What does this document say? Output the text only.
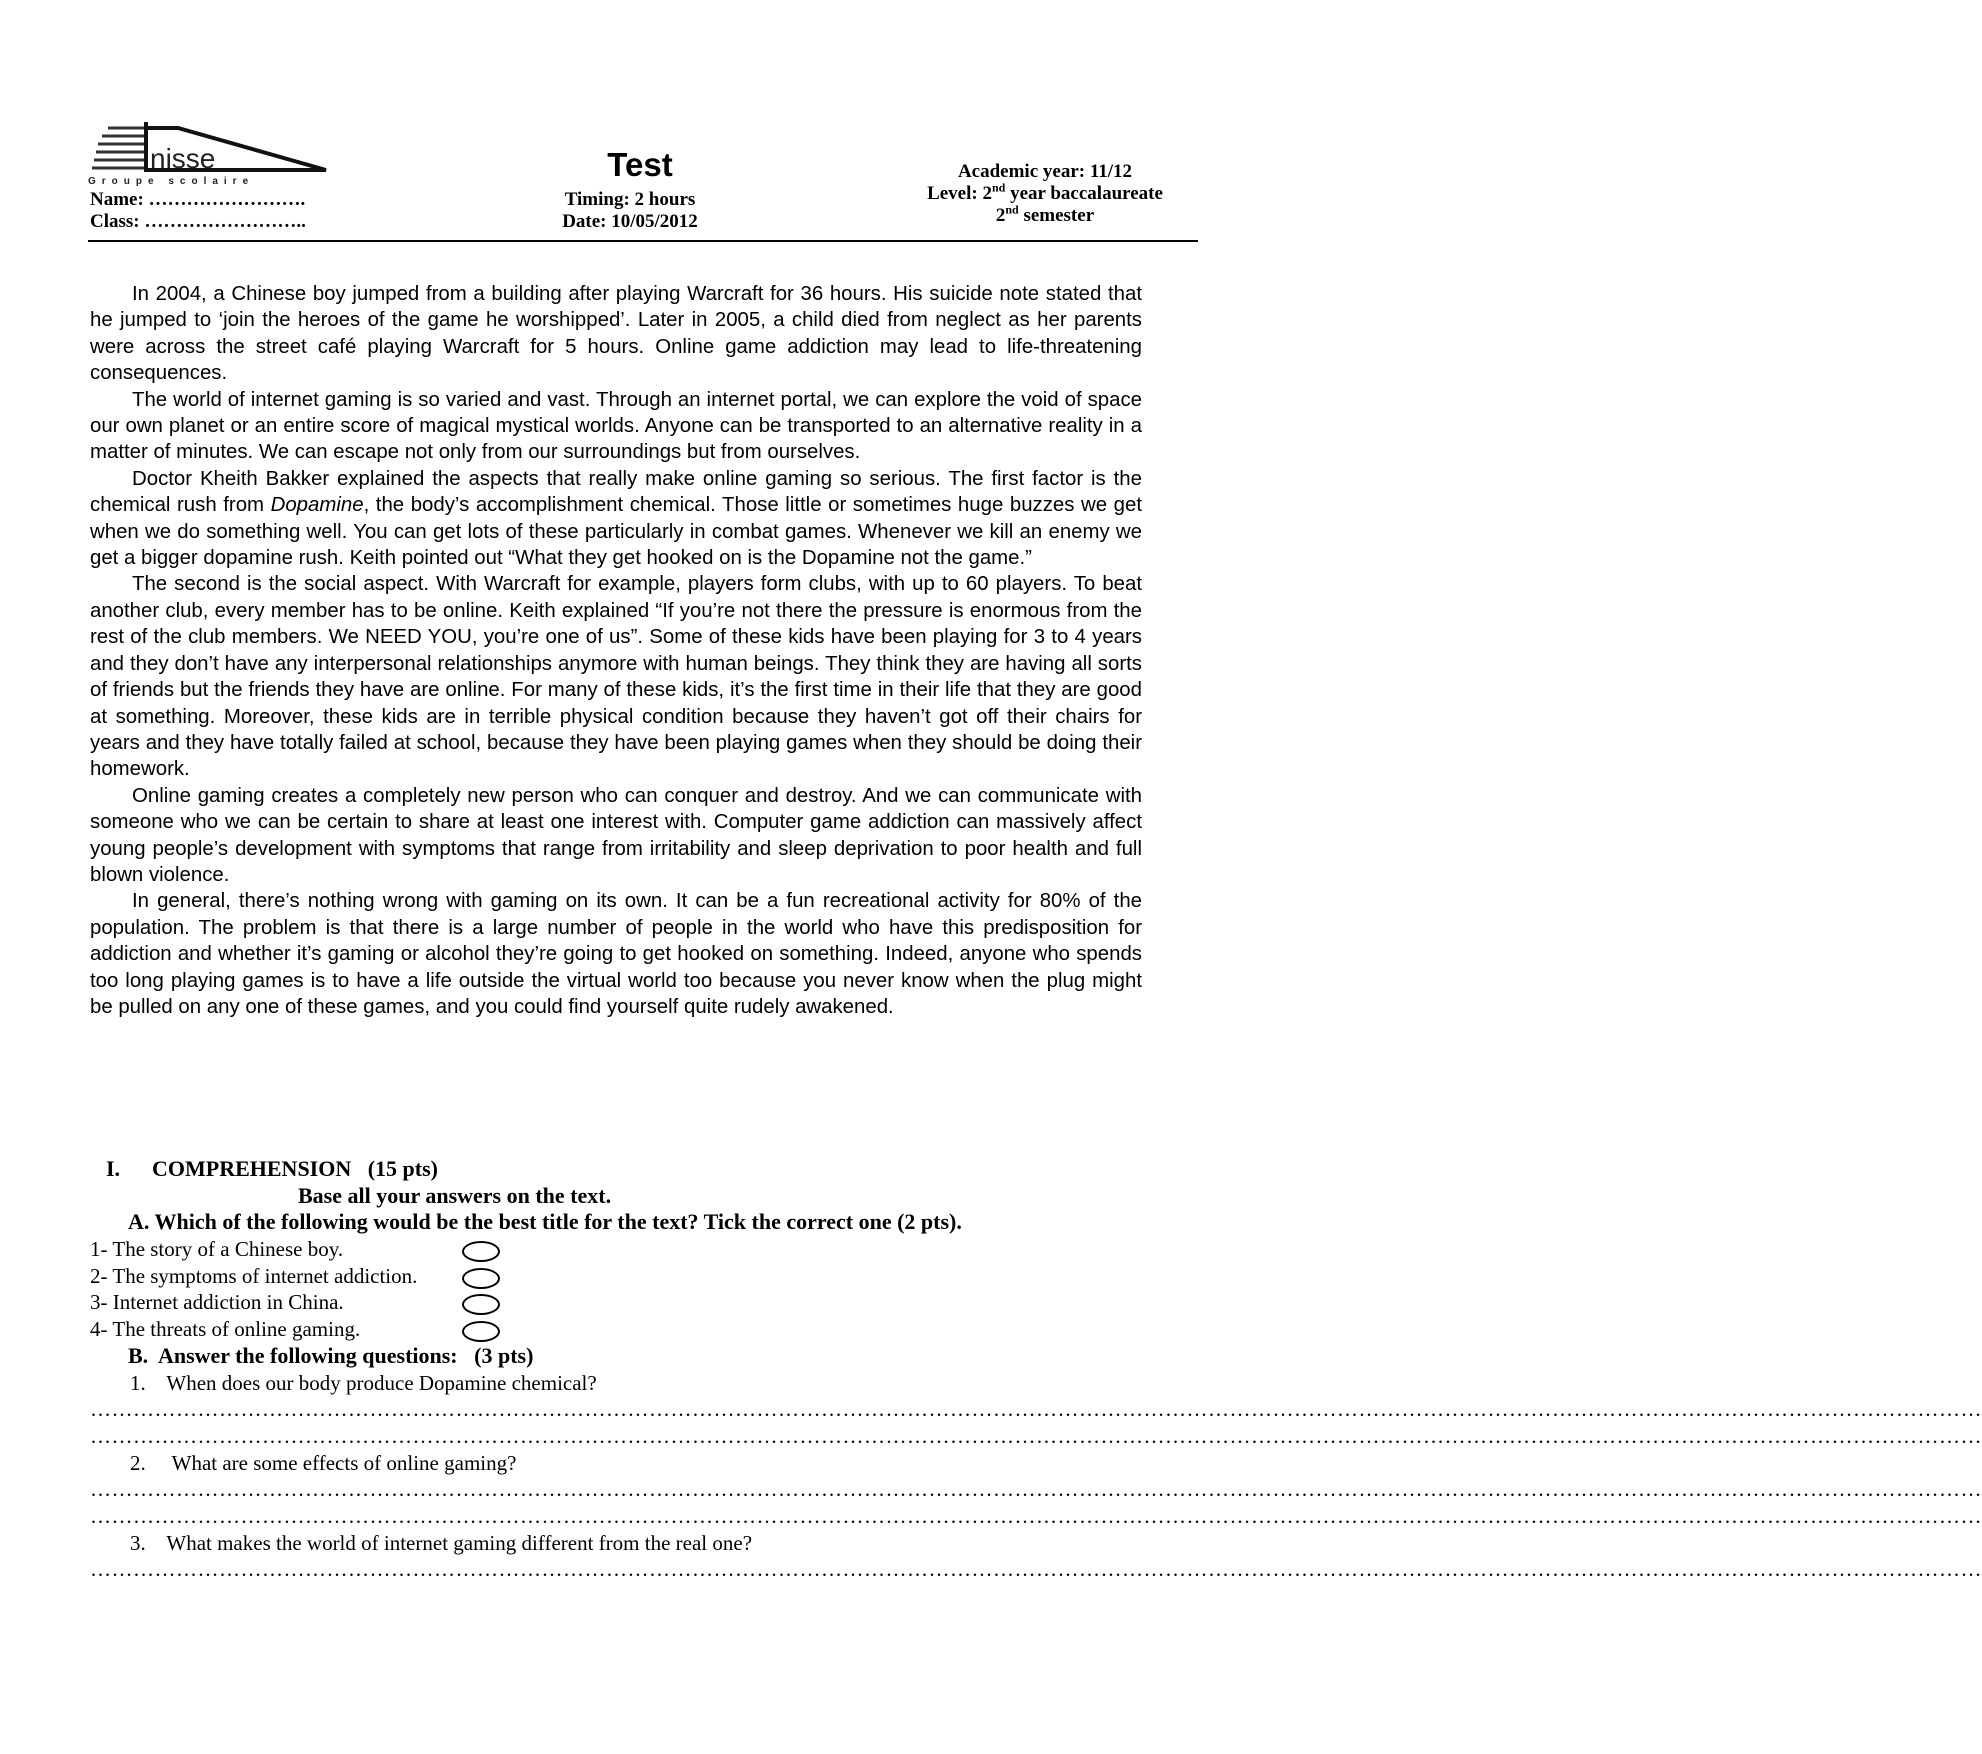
nisse
Groupe scolaire	Test
Name: …………………….
Class: ……………………..
Timing: 2 hours
Date: 10/05/2012
Academic year: 11/12
Level: 2nd year baccalaureate
2nd semester

In 2004, a Chinese boy jumped from a building after playing Warcraft for 36 hours. His suicide note stated that he jumped to ‘join the heroes of the game he worshipped’. Later in 2005, a child died from neglect as her parents were across the street café playing Warcraft for 5 hours. Online game addiction may lead to life-threatening consequences.

The world of internet gaming is so varied and vast. Through an internet portal, we can explore the void of space our own planet or an entire score of magical mystical worlds. Anyone can be transported to an alternative reality in a matter of minutes. We can escape not only from our surroundings but from ourselves.

Doctor Kheith Bakker explained the aspects that really make online gaming so serious. The first factor is the chemical rush from Dopamine, the body’s accomplishment chemical. Those little or sometimes huge buzzes we get when we do something well. You can get lots of these particularly in combat games. Whenever we kill an enemy we get a bigger dopamine rush. Keith pointed out “What they get hooked on is the Dopamine not the game.”

The second is the social aspect. With Warcraft for example, players form clubs, with up to 60 players. To beat another club, every member has to be online. Keith explained “If you’re not there the pressure is enormous from the rest of the club members. We NEED YOU, you’re one of us”. Some of these kids have been playing for 3 to 4 years and they don’t have any interpersonal relationships anymore with human beings. They think they are having all sorts of friends but the friends they have are online. For many of these kids, it’s the first time in their life that they are good at something. Moreover, these kids are in terrible physical condition because they haven’t got off their chairs for years and they have totally failed at school, because they have been playing games when they should be doing their homework.

Online gaming creates a completely new person who can conquer and destroy. And we can communicate with someone who we can be certain to share at least one interest with. Computer game addiction can massively affect young people’s development with symptoms that range from irritability and sleep deprivation to poor health and full blown violence.

In general, there’s nothing wrong with gaming on its own. It can be a fun recreational activity for 80% of the population. The problem is that there is a large number of people in the world who have this predisposition for addiction and whether it’s gaming or alcohol they’re going to get hooked on something. Indeed, anyone who spends too long playing games is to have a life outside the virtual world too because you never know when the plug might be pulled on any one of these games, and you could find yourself quite rudely awakened.

I. COMPREHENSION   (15 pts)
Base all your answers on the text.
A. Which of the following would be the best title for the text? Tick the correct one (2 pts).
1- The story of a Chinese boy.
2- The symptoms of internet addiction.
3- Internet addiction in China.
4- The threats of online gaming.
B.  Answer the following questions:   (3 pts)
1.    When does our body produce Dopamine chemical?
…………………………………………………………………………………………………………………………………………………………………………………………………………………………………………
…………………………………………………………………………………………………………………………………………………………………………………………………………………………………………
2.     What are some effects of online gaming?
…………………………………………………………………………………………………………………………………………………………………………………………………………………………………………
…………………………………………………………………………………………………………………………………………………………………………………………………………………………………………
3.    What makes the world of internet gaming different from the real one?
…………………………………………………………………………………………………………………………………………………………………………………………………………………………………………
